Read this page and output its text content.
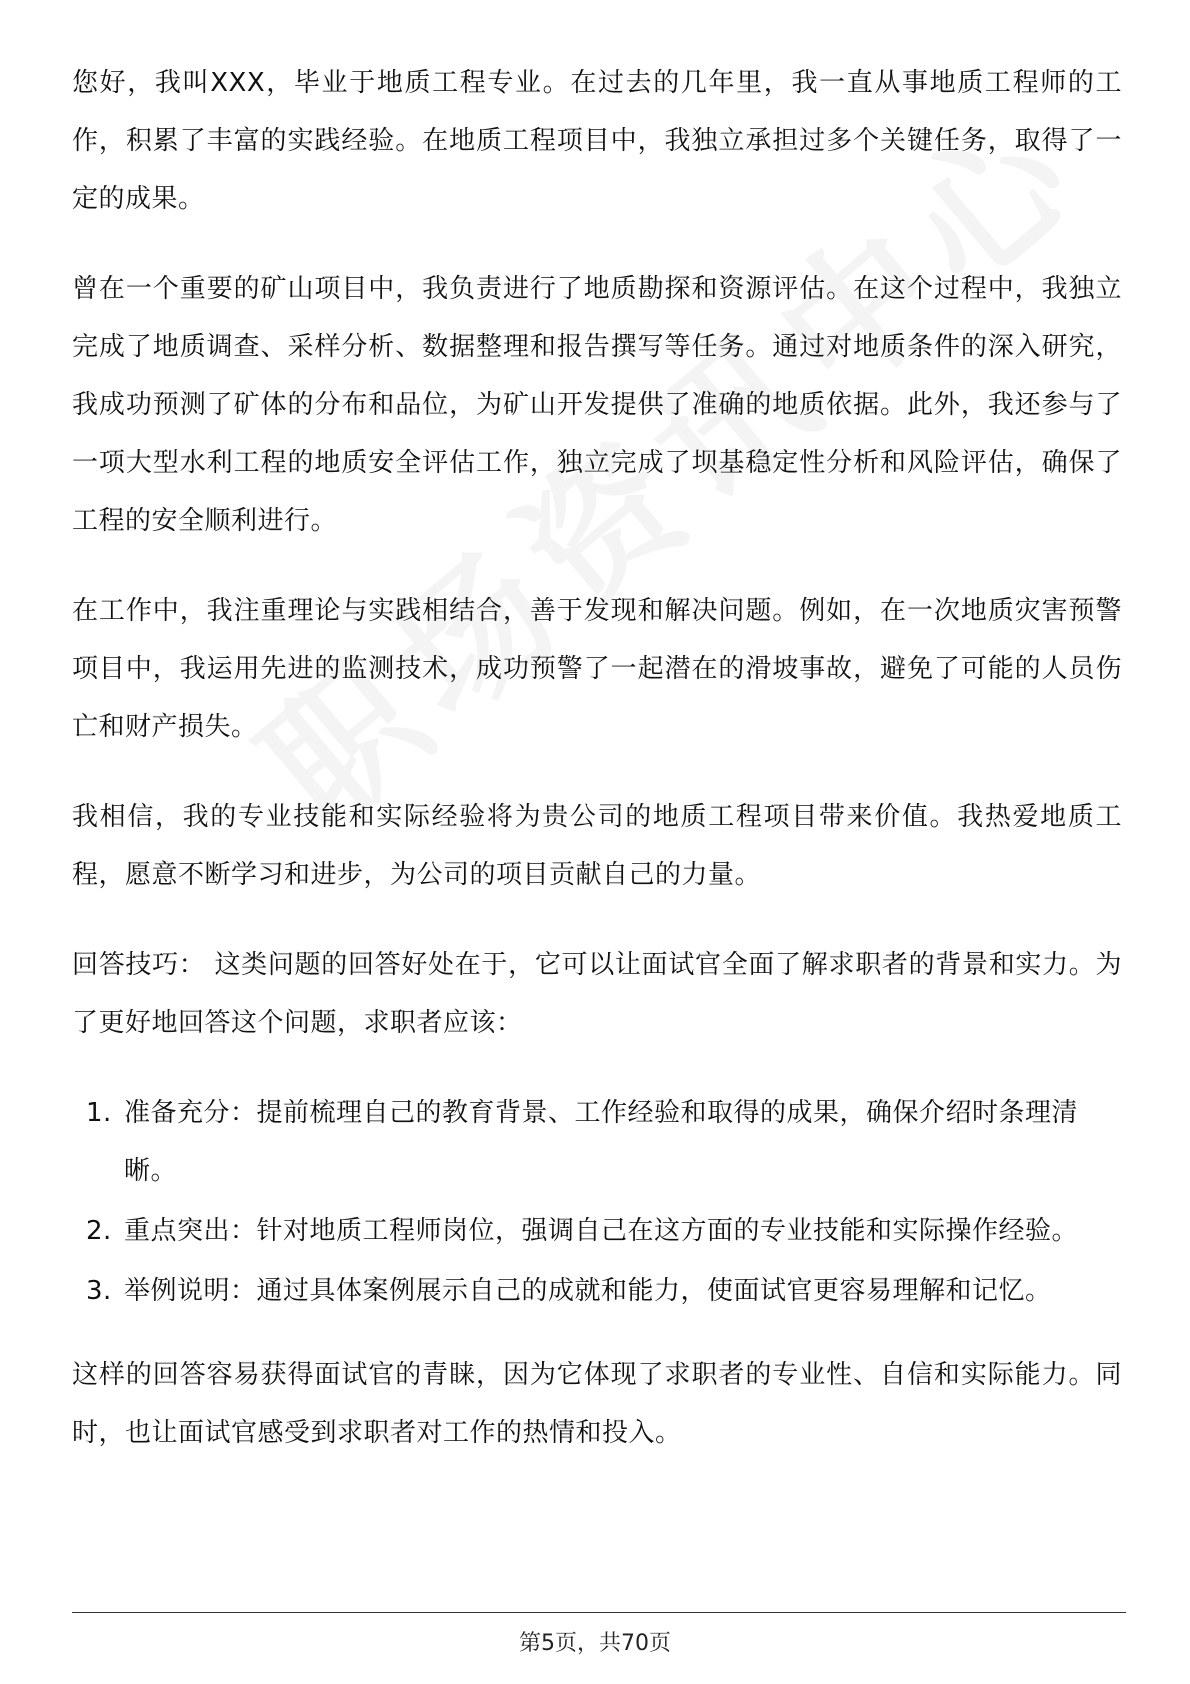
您好，我叫XXX，毕业于地质工程专业。在过去的几年里，我一直从事地质工程师的工作，积累了丰富的实践经验。在地质工程项目中，我独立承担过多个关键任务，取得了一定的成果。

曾在一个重要的矿山项目中，我负责进行了地质勘探和资源评估。在这个过程中，我独立完成了地质调查、采样分析、数据整理和报告撰写等任务。通过对地质条件的深入研究，我成功预测了矿体的分布和品位，为矿山开发提供了准确的地质依据。此外，我还参与了一项大型水利工程的地质安全评估工作，独立完成了坝基稳定性分析和风险评估，确保了工程的安全顺利进行。

在工作中，我注重理论与实践相结合，善于发现和解决问题。例如，在一次地质灾害预警项目中，我运用先进的监测技术，成功预警了一起潜在的滑坡事故，避免了可能的人员伤亡和财产损失。

我相信，我的专业技能和实际经验将为贵公司的地质工程项目带来价值。我热爱地质工程，愿意不断学习和进步，为公司的项目贡献自己的力量。

回答技巧： 这类问题的回答好处在于，它可以让面试官全面了解求职者的背景和实力。为了更好地回答这个问题，求职者应该：

1. 准备充分：提前梳理自己的教育背景、工作经验和取得的成果，确保介绍时条理清晰。
2. 重点突出：针对地质工程师岗位，强调自己在这方面的专业技能和实际操作经验。
3. 举例说明：通过具体案例展示自己的成就和能力，使面试官更容易理解和记忆。

这样的回答容易获得面试官的青睐，因为它体现了求职者的专业性、自信和实际能力。同时，也让面试官感受到求职者对工作的热情和投入。

第5页，共70页
